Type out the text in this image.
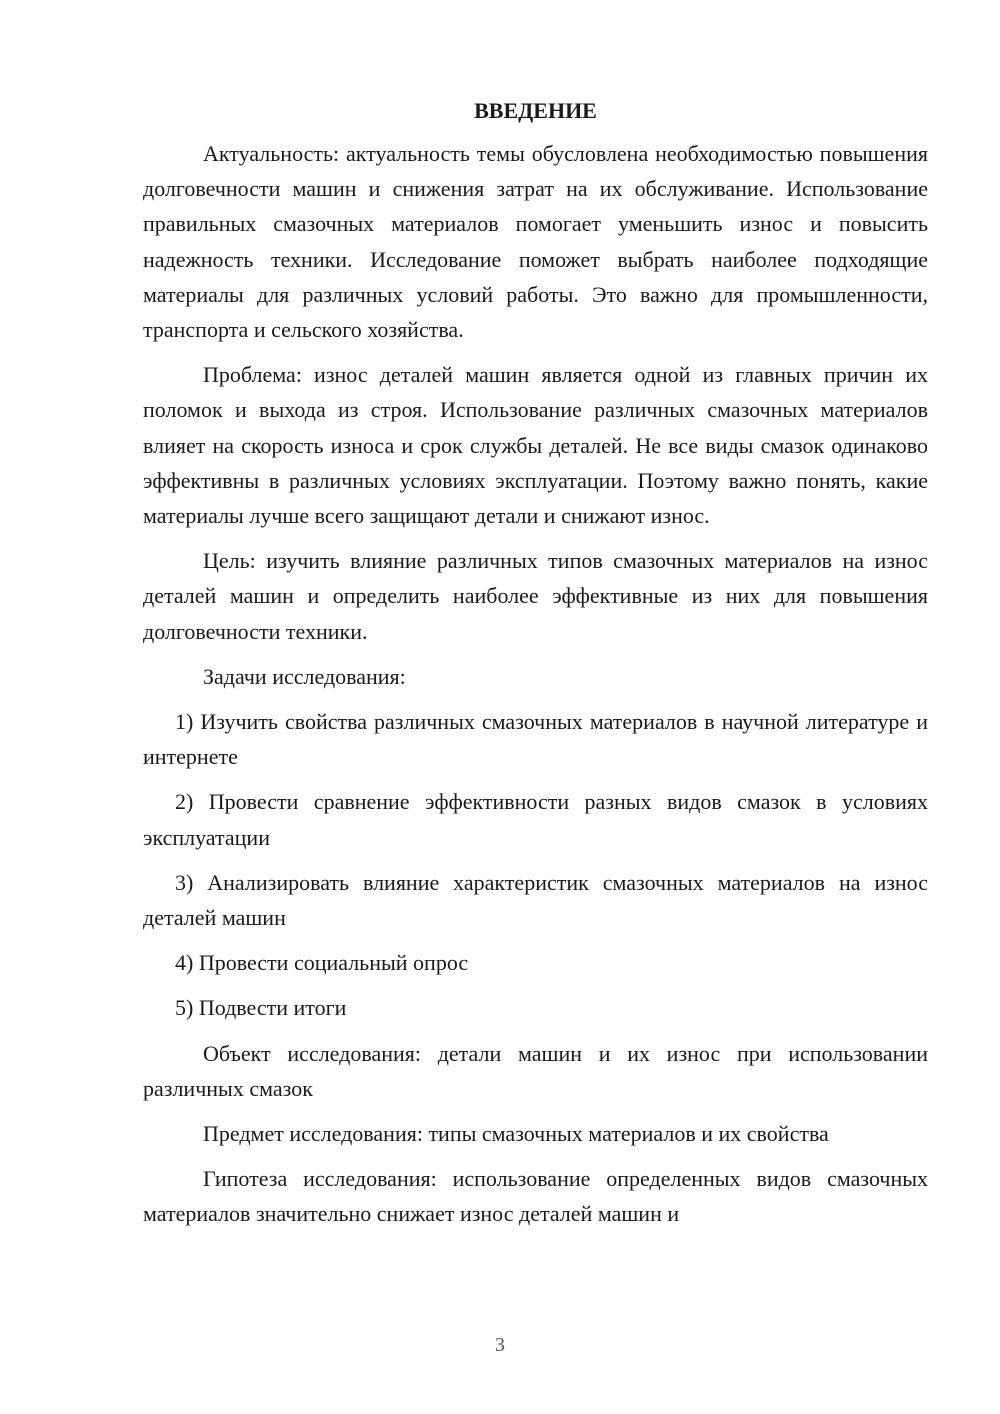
ВВЕДЕНИЕ

Актуальность: актуальность темы обусловлена необходимостью повышения долговечности машин и снижения затрат на их обслуживание. Использование правильных смазочных материалов помогает уменьшить износ и повысить надежность техники. Исследование поможет выбрать наиболее подходящие материалы для различных условий работы. Это важно для промышленности, транспорта и сельского хозяйства.

Проблема: износ деталей машин является одной из главных причин их поломок и выхода из строя. Использование различных смазочных материалов влияет на скорость износа и срок службы деталей. Не все виды смазок одинаково эффективны в различных условиях эксплуатации. Поэтому важно понять, какие материалы лучше всего защищают детали и снижают износ.

Цель: изучить влияние различных типов смазочных материалов на износ деталей машин и определить наиболее эффективные из них для повышения долговечности техники.

Задачи исследования:

1) Изучить свойства различных смазочных материалов в научной литературе и интернете

2) Провести сравнение эффективности разных видов смазок в условиях эксплуатации

3) Анализировать влияние характеристик смазочных материалов на износ деталей машин

4) Провести социальный опрос

5) Подвести итоги

Объект исследования: детали машин и их износ при использовании различных смазок

Предмет исследования: типы смазочных материалов и их свойства

Гипотеза исследования: использование определенных видов смазочных материалов значительно снижает износ деталей машин и

3
